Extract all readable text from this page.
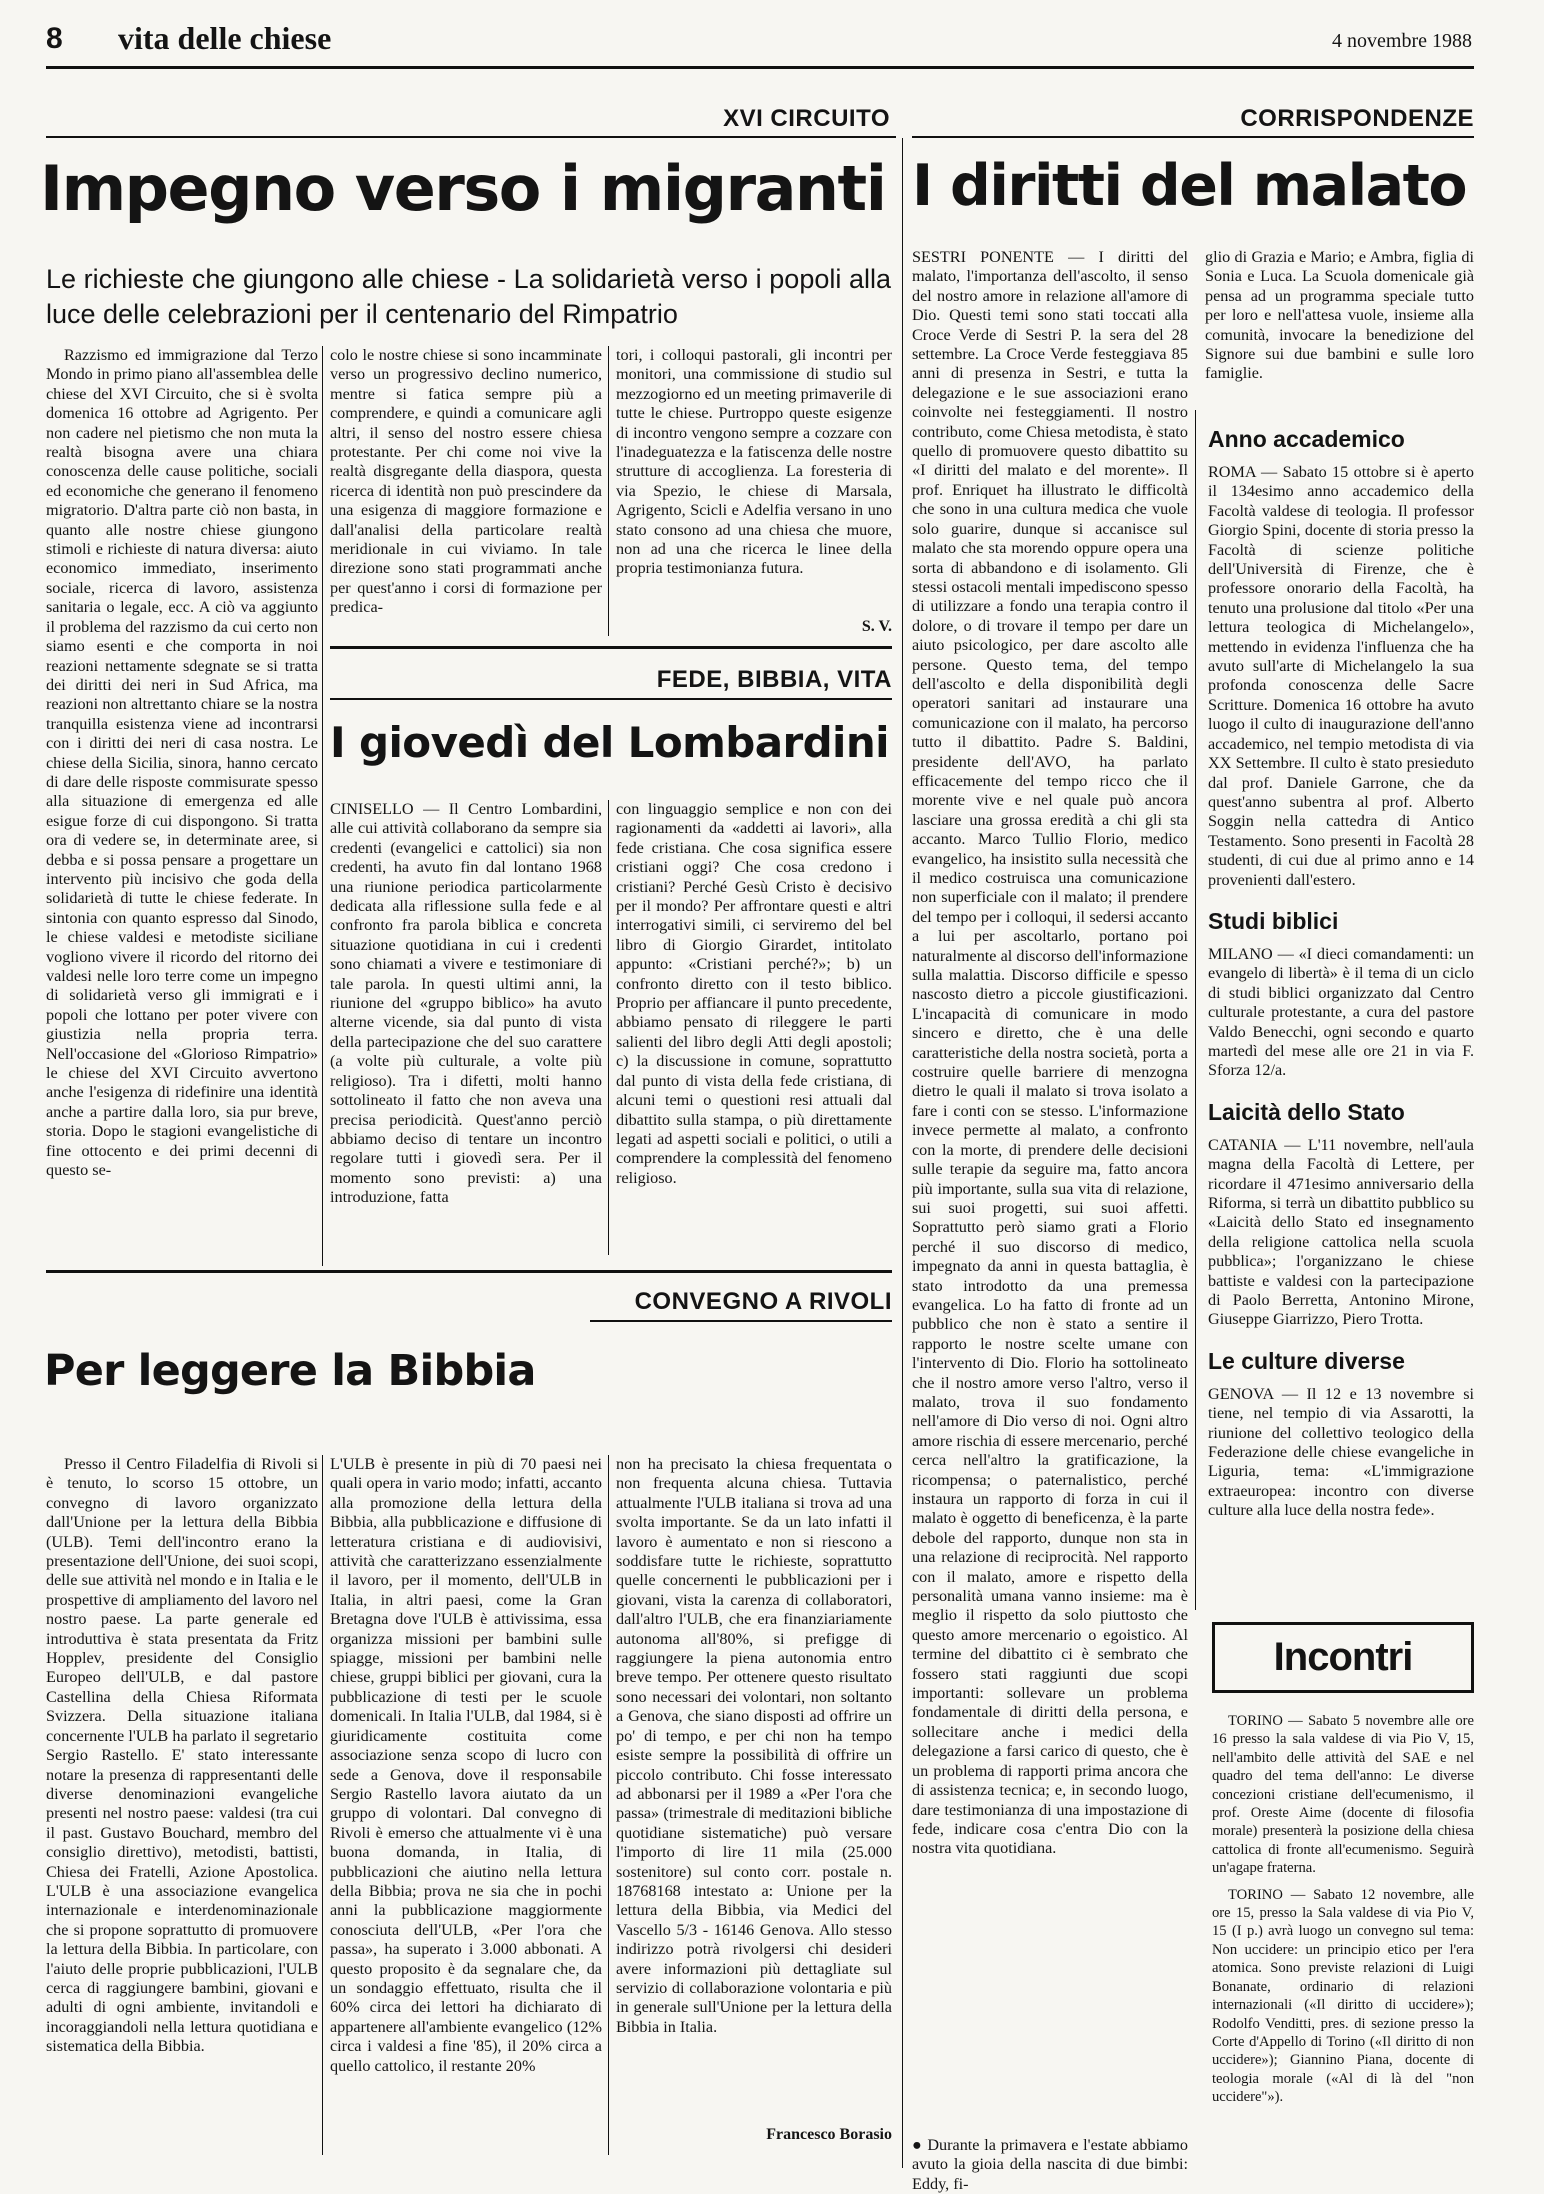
8 vita delle chiese	4 novembre 1988
XVI CIRCUITO	CORRISPONDENZE
Impegno verso i migranti I diritti del malato
Le richieste che giungono alle chiese - La solidarietà verso i popoli alla luce delle celebrazioni per il centenario del Rimpatrio

Razzismo ed immigrazione dal Terzo Mondo in primo piano all'assemblea delle chiese del XVI Circuito, che si è svolta domenica 16 ottobre ad Agrigento. Per non cadere nel pietismo che non muta la realtà bisogna avere una chiara conoscenza delle cause politiche, sociali ed economiche che generano il fenomeno migratorio. D'altra parte ciò non basta, in quanto alle nostre chiese giungono stimoli e richieste di natura diversa: aiuto economico immediato, inserimento sociale, ricerca di lavoro, assistenza sanitaria o legale, ecc. A ciò va aggiunto il problema del razzismo da cui certo non siamo esenti e che comporta in noi reazioni nettamente sdegnate se si tratta dei diritti dei neri in Sud Africa, ma reazioni non altrettanto chiare se la nostra tranquilla esistenza viene ad incontrarsi con i diritti dei neri di casa nostra. Le chiese della Sicilia, sinora, hanno cercato di dare delle risposte commisurate spesso alla situazione di emergenza ed alle esigue forze di cui dispongono. Si tratta ora di vedere se, in determinate aree, si debba e si possa pensare a progettare un intervento più incisivo che goda della solidarietà di tutte le chiese federate. In sintonia con quanto espresso dal Sinodo, le chiese valdesi e metodiste siciliane vogliono vivere il ricordo del ritorno dei valdesi nelle loro terre come un impegno di solidarietà verso gli immigrati e i popoli che lottano per poter vivere con giustizia nella propria terra. Nell'occasione del «Glorioso Rimpatrio» le chiese del XVI Circuito avvertono anche l'esigenza di ridefinire una identità anche a partire dalla loro, sia pur breve, storia. Dopo le stagioni evangelistiche di fine ottocento e dei primi decenni di questo se-

colo le nostre chiese si sono incamminate verso un progressivo declino numerico, mentre si fatica sempre più a comprendere, e quindi a comunicare agli altri, il senso del nostro essere chiesa protestante. Per chi come noi vive la realtà disgregante della diaspora, questa ricerca di identità non può prescindere da una esigenza di maggiore formazione e dall'analisi della particolare realtà meridionale in cui viviamo. In tale direzione sono stati programmati anche per quest'anno i corsi di formazione per predica-

tori, i colloqui pastorali, gli incontri per monitori, una commissione di studio sul mezzogiorno ed un meeting primaverile di tutte le chiese. Purtroppo queste esigenze di incontro vengono sempre a cozzare con l'inadeguatezza e la fatiscenza delle nostre strutture di accoglienza. La foresteria di via Spezio, le chiese di Marsala, Agrigento, Scicli e Adelfia versano in uno stato consono ad una chiesa che muore, non ad una che ricerca le linee della propria testimonianza futura.

S. V.
FEDE, BIBBIA, VITA
I giovedì del Lombardini

CINISELLO — Il Centro Lombardini, alle cui attività collaborano da sempre sia credenti (evangelici e cattolici) sia non credenti, ha avuto fin dal lontano 1968 una riunione periodica particolarmente dedicata alla riflessione sulla fede e al confronto fra parola biblica e concreta situazione quotidiana in cui i credenti sono chiamati a vivere e testimoniare di tale parola. In questi ultimi anni, la riunione del «gruppo biblico» ha avuto alterne vicende, sia dal punto di vista della partecipazione che del suo carattere (a volte più culturale, a volte più religioso). Tra i difetti, molti hanno sottolineato il fatto che non aveva una precisa periodicità. Quest'anno perciò abbiamo deciso di tentare un incontro regolare tutti i giovedì sera. Per il momento sono previsti: a) una introduzione, fatta

con linguaggio semplice e non con dei ragionamenti da «addetti ai lavori», alla fede cristiana. Che cosa significa essere cristiani oggi? Che cosa credono i cristiani? Perché Gesù Cristo è decisivo per il mondo? Per affrontare questi e altri interrogativi simili, ci serviremo del bel libro di Giorgio Girardet, intitolato appunto: «Cristiani perché?»; b) un confronto diretto con il testo biblico. Proprio per affiancare il punto precedente, abbiamo pensato di rileggere le parti salienti del libro degli Atti degli apostoli; c) la discussione in comune, soprattutto dal punto di vista della fede cristiana, di alcuni temi o questioni resi attuali dal dibattito sulla stampa, o più direttamente legati ad aspetti sociali e politici, o utili a comprendere la complessità del fenomeno religioso.

CONVEGNO A RIVOLI
Per leggere la Bibbia

Presso il Centro Filadelfia di Rivoli si è tenuto, lo scorso 15 ottobre, un convegno di lavoro organizzato dall'Unione per la lettura della Bibbia (ULB). Temi dell'incontro erano la presentazione dell'Unione, dei suoi scopi, delle sue attività nel mondo e in Italia e le prospettive di ampliamento del lavoro nel nostro paese. La parte generale ed introduttiva è stata presentata da Fritz Hopplev, presidente del Consiglio Europeo dell'ULB, e dal pastore Castellina della Chiesa Riformata Svizzera. Della situazione italiana concernente l'ULB ha parlato il segretario Sergio Rastello. E' stato interessante notare la presenza di rappresentanti delle diverse denominazioni evangeliche presenti nel nostro paese: valdesi (tra cui il past. Gustavo Bouchard, membro del consiglio direttivo), metodisti, battisti, Chiesa dei Fratelli, Azione Apostolica. L'ULB è una associazione evangelica internazionale e interdenominazionale che si propone soprattutto di promuovere la lettura della Bibbia. In particolare, con l'aiuto delle proprie pubblicazioni, l'ULB cerca di raggiungere bambini, giovani e adulti di ogni ambiente, invitandoli e incoraggiandoli nella lettura quotidiana e sistematica della Bibbia.

L'ULB è presente in più di 70 paesi nei quali opera in vario modo; infatti, accanto alla promozione della lettura della Bibbia, alla pubblicazione e diffusione di letteratura cristiana e di audiovisivi, attività che caratterizzano essenzialmente il lavoro, per il momento, dell'ULB in Italia, in altri paesi, come la Gran Bretagna dove l'ULB è attivissima, essa organizza missioni per bambini sulle spiagge, missioni per bambini nelle chiese, gruppi biblici per giovani, cura la pubblicazione di testi per le scuole domenicali. In Italia l'ULB, dal 1984, si è giuridicamente costituita come associazione senza scopo di lucro con sede a Genova, dove il responsabile Sergio Rastello lavora aiutato da un gruppo di volontari. Dal convegno di Rivoli è emerso che attualmente vi è una buona domanda, in Italia, di pubblicazioni che aiutino nella lettura della Bibbia; prova ne sia che in pochi anni la pubblicazione maggiormente conosciuta dell'ULB, «Per l'ora che passa», ha superato i 3.000 abbonati. A questo proposito è da segnalare che, da un sondaggio effettuato, risulta che il 60% circa dei lettori ha dichiarato di appartenere all'ambiente evangelico (12% circa i valdesi a fine '85), il 20% circa a quello cattolico, il restante 20%

non ha precisato la chiesa frequentata o non frequenta alcuna chiesa. Tuttavia attualmente l'ULB italiana si trova ad una svolta importante. Se da un lato infatti il lavoro è aumentato e non si riescono a soddisfare tutte le richieste, soprattutto quelle concernenti le pubblicazioni per i giovani, vista la carenza di collaboratori, dall'altro l'ULB, che era finanziariamente autonoma all'80%, si prefigge di raggiungere la piena autonomia entro breve tempo. Per ottenere questo risultato sono necessari dei volontari, non soltanto a Genova, che siano disposti ad offrire un po' di tempo, e per chi non ha tempo esiste sempre la possibilità di offrire un piccolo contributo. Chi fosse interessato ad abbonarsi per il 1989 a «Per l'ora che passa» (trimestrale di meditazioni bibliche quotidiane sistematiche) può versare l'importo di lire 11 mila (25.000 sostenitore) sul conto corr. postale n. 18768168 intestato a: Unione per la lettura della Bibbia, via Medici del Vascello 5/3 - 16146 Genova. Allo stesso indirizzo potrà rivolgersi chi desideri avere informazioni più dettagliate sul servizio di collaborazione volontaria e più in generale sull'Unione per la lettura della Bibbia in Italia.

Francesco Borasio

SESTRI PONENTE — I diritti del malato, l'importanza dell'ascolto, il senso del nostro amore in relazione all'amore di Dio. Questi temi sono stati toccati alla Croce Verde di Sestri P. la sera del 28 settembre. La Croce Verde festeggiava 85 anni di presenza in Sestri, e tutta la delegazione e le sue associazioni erano coinvolte nei festeggiamenti. Il nostro contributo, come Chiesa metodista, è stato quello di promuovere questo dibattito su «I diritti del malato e del morente». Il prof. Enriquet ha illustrato le difficoltà che sono in una cultura medica che vuole solo guarire, dunque si accanisce sul malato che sta morendo oppure opera una sorta di abbandono e di isolamento. Gli stessi ostacoli mentali impediscono spesso di utilizzare a fondo una terapia contro il dolore, o di trovare il tempo per dare un aiuto psicologico, per dare ascolto alle persone. Questo tema, del tempo dell'ascolto e della disponibilità degli operatori sanitari ad instaurare una comunicazione con il malato, ha percorso tutto il dibattito. Padre S. Baldini, presidente dell'AVO, ha parlato efficacemente del tempo ricco che il morente vive e nel quale può ancora lasciare una grossa eredità a chi gli sta accanto. Marco Tullio Florio, medico evangelico, ha insistito sulla necessità che il medico costruisca una comunicazione non superficiale con il malato; il prendere del tempo per i colloqui, il sedersi accanto a lui per ascoltarlo, portano poi naturalmente al discorso dell'informazione sulla malattia. Discorso difficile e spesso nascosto dietro a piccole giustificazioni. L'incapacità di comunicare in modo sincero e diretto, che è una delle caratteristiche della nostra società, porta a costruire quelle barriere di menzogna dietro le quali il malato si trova isolato a fare i conti con se stesso. L'informazione invece permette al malato, a confronto con la morte, di prendere delle decisioni sulle terapie da seguire ma, fatto ancora più importante, sulla sua vita di relazione, sui suoi progetti, sui suoi affetti. Soprattutto però siamo grati a Florio perché il suo discorso di medico, impegnato da anni in questa battaglia, è stato introdotto da una premessa evangelica. Lo ha fatto di fronte ad un pubblico che non è stato a sentire il rapporto le nostre scelte umane con l'intervento di Dio. Florio ha sottolineato che il nostro amore verso l'altro, verso il malato, trova il suo fondamento nell'amore di Dio verso di noi. Ogni altro amore rischia di essere mercenario, perché cerca nell'altro la gratificazione, la ricompensa; o paternalistico, perché instaura un rapporto di forza in cui il malato è oggetto di beneficenza, è la parte debole del rapporto, dunque non sta in una relazione di reciprocità. Nel rapporto con il malato, amore e rispetto della personalità umana vanno insieme: ma è meglio il rispetto da solo piuttosto che questo amore mercenario o egoistico. Al termine del dibattito ci è sembrato che fossero stati raggiunti due scopi importanti: sollevare un problema fondamentale di diritti della persona, e sollecitare anche i medici della delegazione a farsi carico di questo, che è un problema di rapporti prima ancora che di assistenza tecnica; e, in secondo luogo, dare testimonianza di una impostazione di fede, indicare cosa c'entra Dio con la nostra vita quotidiana.

● Durante la primavera e l'estate abbiamo avuto la gioia della nascita di due bimbi: Eddy, fi-

glio di Grazia e Mario; e Ambra, figlia di Sonia e Luca. La Scuola domenicale già pensa ad un programma speciale tutto per loro e nell'attesa vuole, insieme alla comunità, invocare la benedizione del Signore sui due bambini e sulle loro famiglie.

Anno accademico

ROMA — Sabato 15 ottobre si è aperto il 134esimo anno accademico della Facoltà valdese di teologia. Il professor Giorgio Spini, docente di storia presso la Facoltà di scienze politiche dell'Università di Firenze, che è professore onorario della Facoltà, ha tenuto una prolusione dal titolo «Per una lettura teologica di Michelangelo», mettendo in evidenza l'influenza che ha avuto sull'arte di Michelangelo la sua profonda conoscenza delle Sacre Scritture. Domenica 16 ottobre ha avuto luogo il culto di inaugurazione dell'anno accademico, nel tempio metodista di via XX Settembre. Il culto è stato presieduto dal prof. Daniele Garrone, che da quest'anno subentra al prof. Alberto Soggin nella cattedra di Antico Testamento. Sono presenti in Facoltà 28 studenti, di cui due al primo anno e 14 provenienti dall'estero.

Studi biblici

MILANO — «I dieci comandamenti: un evangelo di libertà» è il tema di un ciclo di studi biblici organizzato dal Centro culturale protestante, a cura del pastore Valdo Benecchi, ogni secondo e quarto martedì del mese alle ore 21 in via F. Sforza 12/a.

Laicità dello Stato

CATANIA — L'11 novembre, nell'aula magna della Facoltà di Lettere, per ricordare il 471esimo anniversario della Riforma, si terrà un dibattito pubblico su «Laicità dello Stato ed insegnamento della religione cattolica nella scuola pubblica»; l'organizzano le chiese battiste e valdesi con la partecipazione di Paolo Berretta, Antonino Mirone, Giuseppe Giarrizzo, Piero Trotta.

Le culture diverse

GENOVA — Il 12 e 13 novembre si tiene, nel tempio di via Assarotti, la riunione del collettivo teologico della Federazione delle chiese evangeliche in Liguria, tema: «L'immigrazione extraeuropea: incontro con diverse culture alla luce della nostra fede».

Incontri

TORINO — Sabato 5 novembre alle ore 16 presso la sala valdese di via Pio V, 15, nell'ambito delle attività del SAE e nel quadro del tema dell'anno: Le diverse concezioni cristiane dell'ecumenismo, il prof. Oreste Aime (docente di filosofia morale) presenterà la posizione della chiesa cattolica di fronte all'ecumenismo. Seguirà un'agape fraterna.

TORINO — Sabato 12 novembre, alle ore 15, presso la Sala valdese di via Pio V, 15 (I p.) avrà luogo un convegno sul tema: Non uccidere: un principio etico per l'era atomica. Sono previste relazioni di Luigi Bonanate, ordinario di relazioni internazionali («Il diritto di uccidere»); Rodolfo Venditti, pres. di sezione presso la Corte d'Appello di Torino («Il diritto di non uccidere»); Giannino Piana, docente di teologia morale («Al di là del "non uccidere"»).
